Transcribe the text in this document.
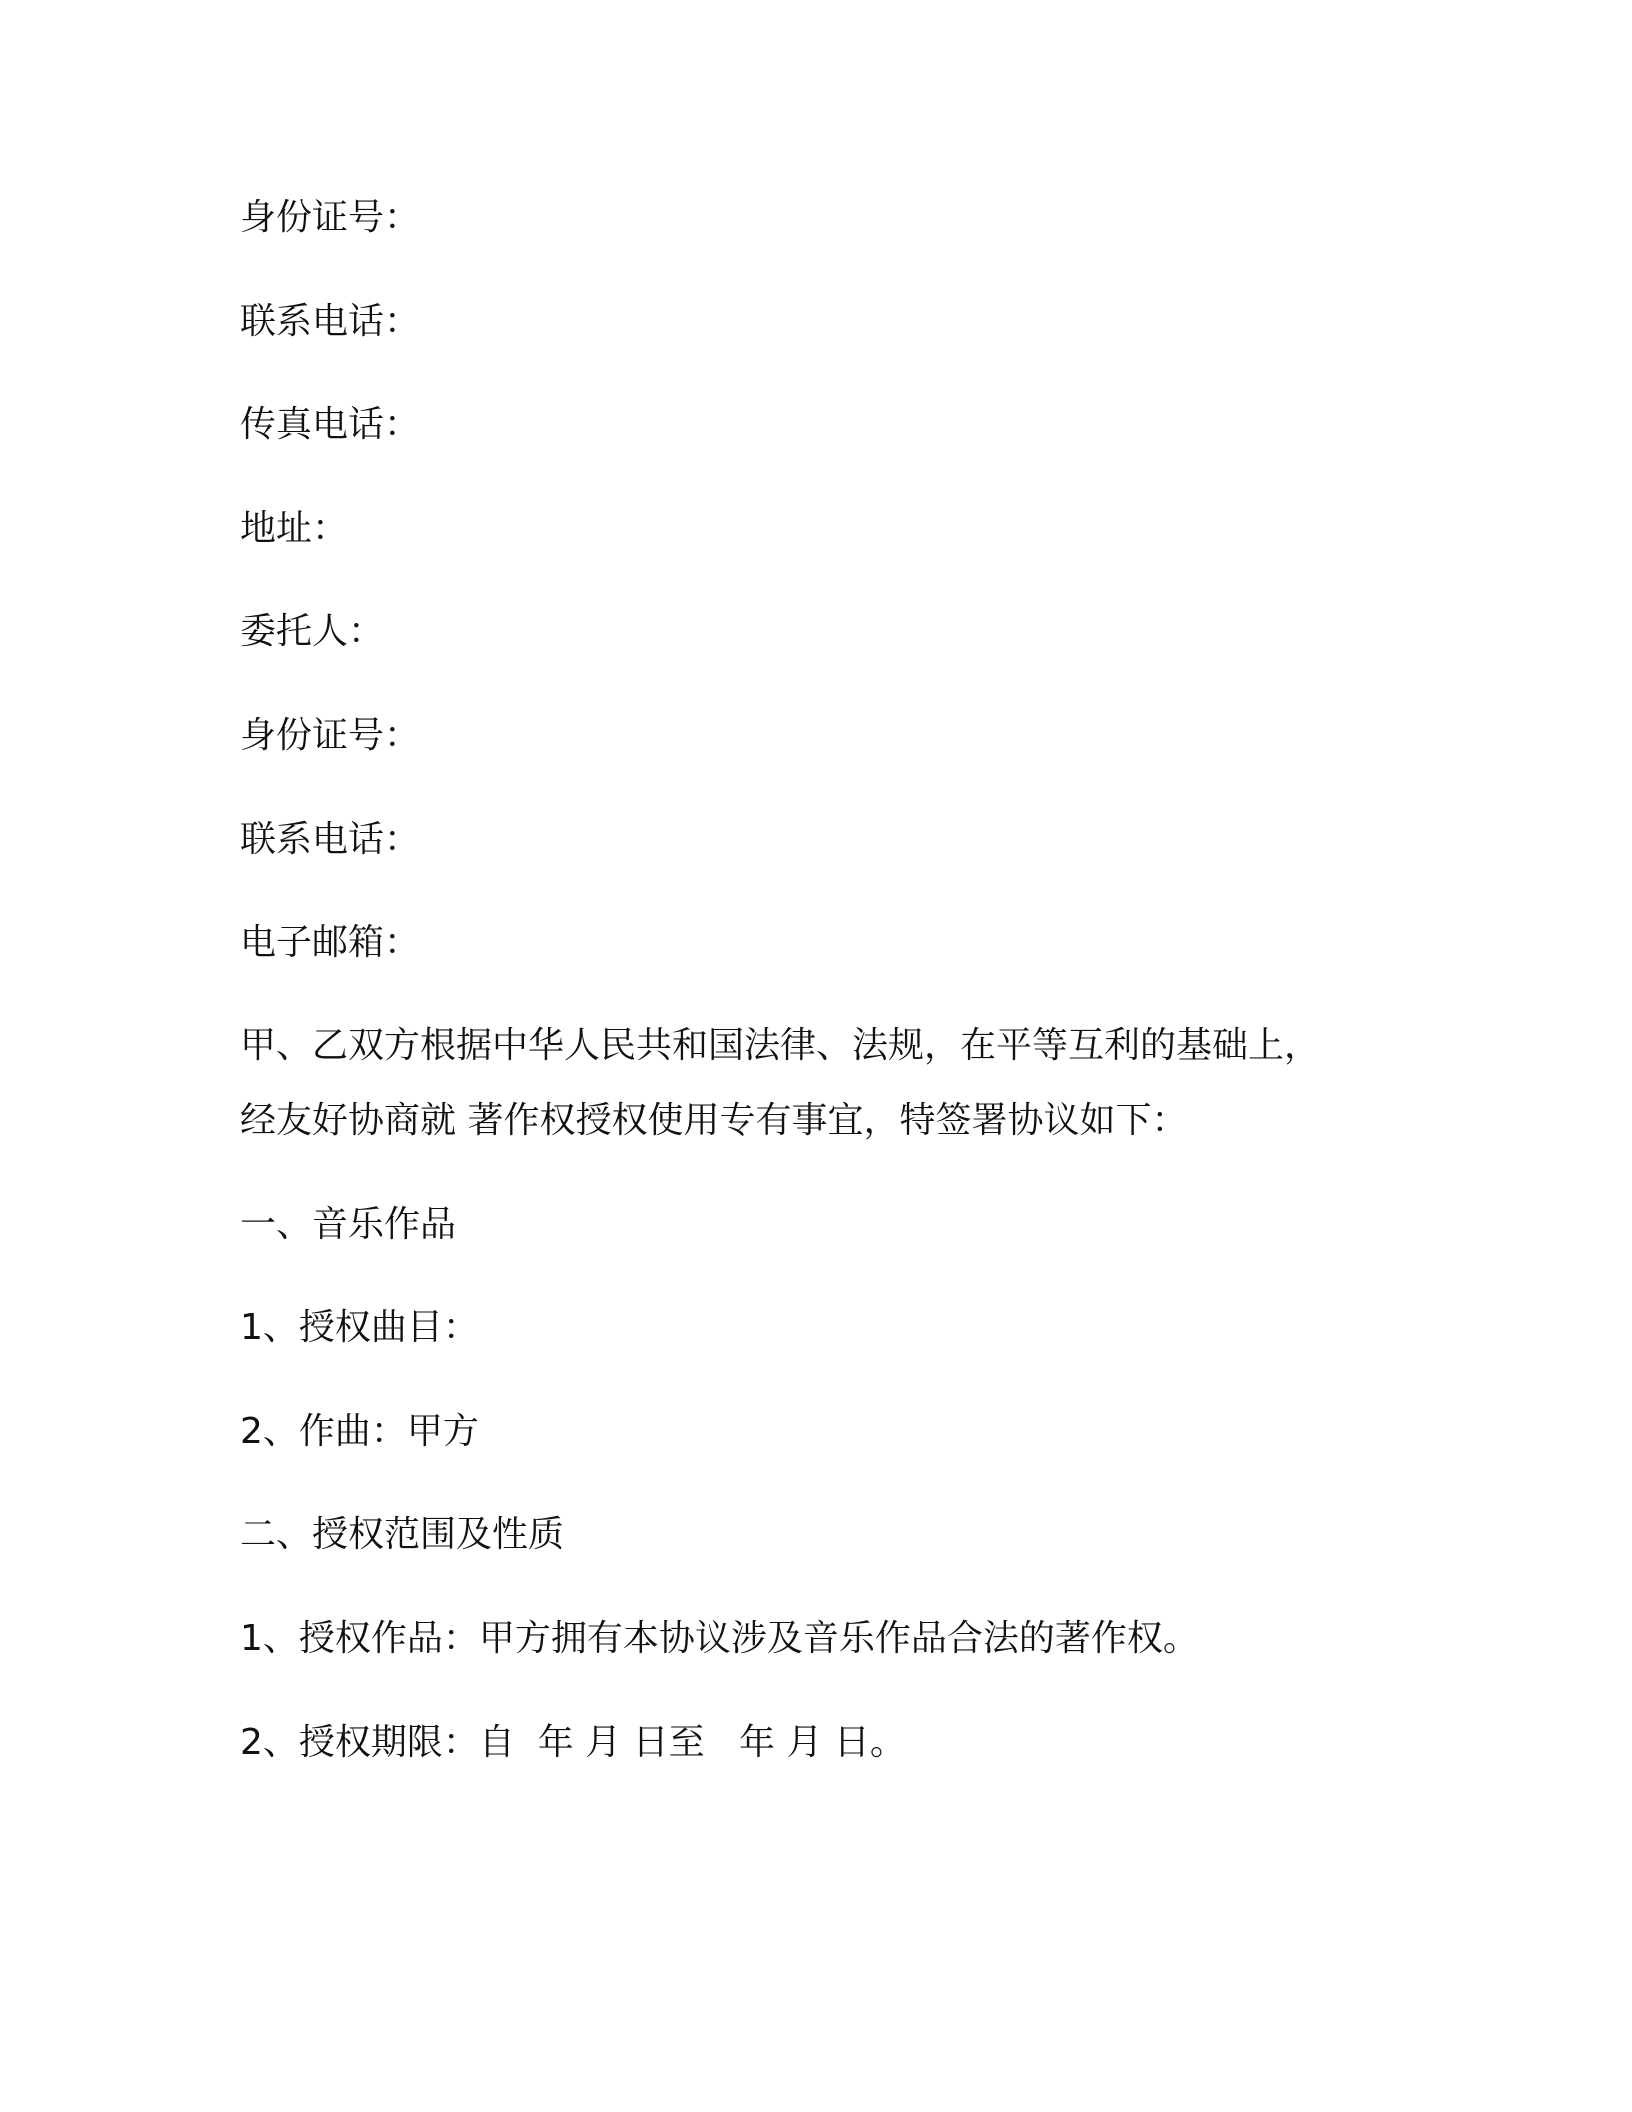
身份证号：

联系电话：

传真电话：

地址：

委托人：

身份证号：

联系电话：

电子邮箱：

甲、乙双方根据中华人民共和国法律、法规，在平等互利的基础上，

经友好协商就 著作权授权使用专有事宜，特签署协议如下：

一、音乐作品

1、授权曲目：

2、作曲：甲方

二、授权范围及性质

1、授权作品：甲方拥有本协议涉及音乐作品合法的著作权。

2、授权期限：自  年 月 日至   年 月 日。
